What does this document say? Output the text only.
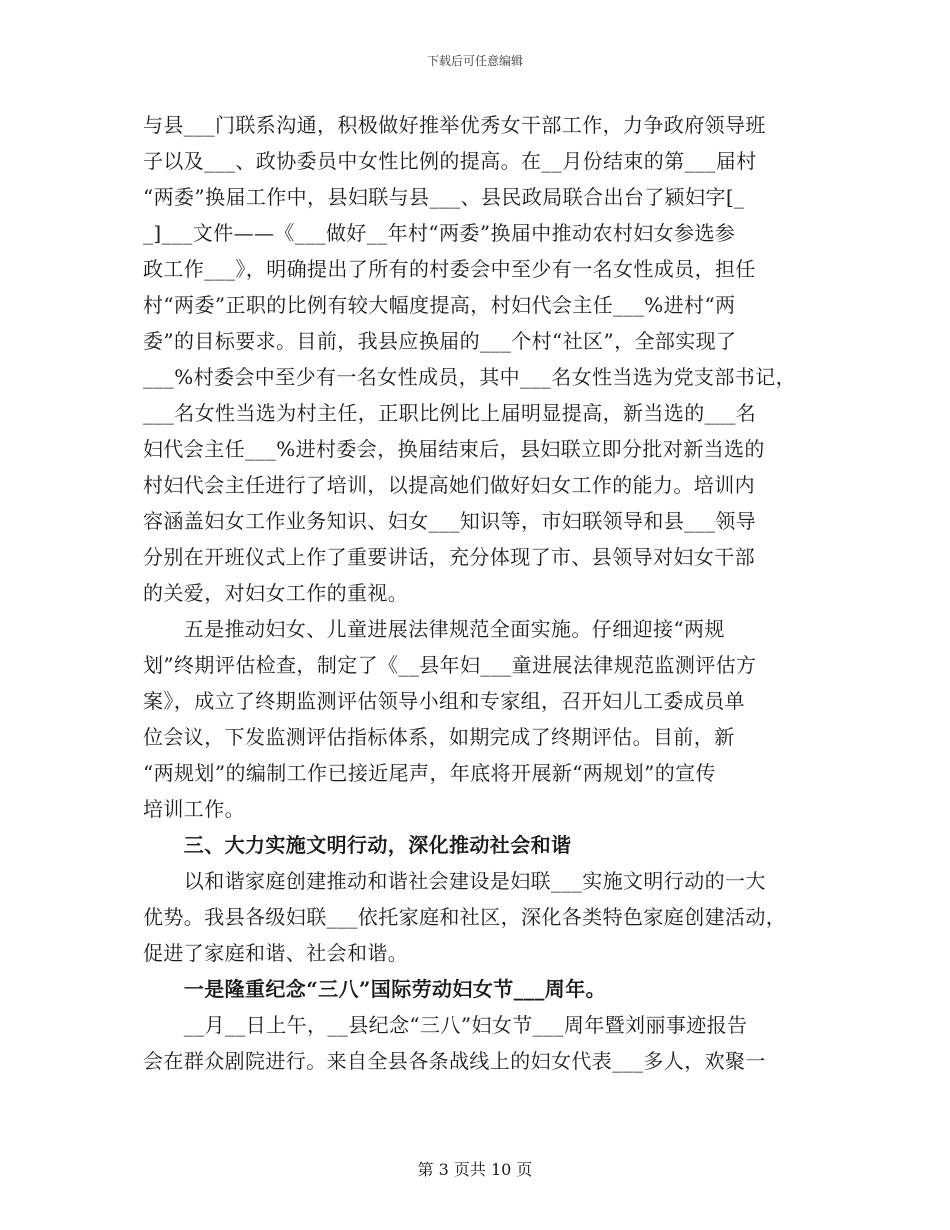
下载后可任意编辑
与县___门联系沟通，积极做好推举优秀女干部工作，力争政府领导班
子以及___、政协委员中女性比例的提高。在__月份结束的第___届村
“两委”换届工作中，县妇联与县___、县民政局联合出台了颍妇字[_
_]___文件——《___做好__年村“两委”换届中推动农村妇女参选参
政工作___》，明确提出了所有的村委会中至少有一名女性成员，担任
村“两委”正职的比例有较大幅度提高，村妇代会主任___%进村“两
委”的目标要求。目前，我县应换届的___个村“社区”，全部实现了
___%村委会中至少有一名女性成员，其中___名女性当选为党支部书记，
___名女性当选为村主任，正职比例比上届明显提高，新当选的___名
妇代会主任___%进村委会，换届结束后，县妇联立即分批对新当选的
村妇代会主任进行了培训，以提高她们做好妇女工作的能力。培训内
容涵盖妇女工作业务知识、妇女___知识等，市妇联领导和县___领导
分别在开班仪式上作了重要讲话，充分体现了市、县领导对妇女干部
的关爱，对妇女工作的重视。
　　五是推动妇女、儿童进展法律规范全面实施。仔细迎接“两规
划”终期评估检查，制定了《__县年妇___童进展法律规范监测评估方
案》，成立了终期监测评估领导小组和专家组，召开妇儿工委成员单
位会议，下发监测评估指标体系，如期完成了终期评估。目前，新
“两规划”的编制工作已接近尾声，年底将开展新“两规划”的宣传
培训工作。
　　三、大力实施文明行动，深化推动社会和谐
　　以和谐家庭创建推动和谐社会建设是妇联___实施文明行动的一大
优势。我县各级妇联___依托家庭和社区，深化各类特色家庭创建活动，
促进了家庭和谐、社会和谐。
　　一是隆重纪念“三八”国际劳动妇女节___周年。
　　__月__日上午，__县纪念“三八”妇女节___周年暨刘丽事迹报告
会在群众剧院进行。来自全县各条战线上的妇女代表___多人，欢聚一
第 3 页共 10 页
